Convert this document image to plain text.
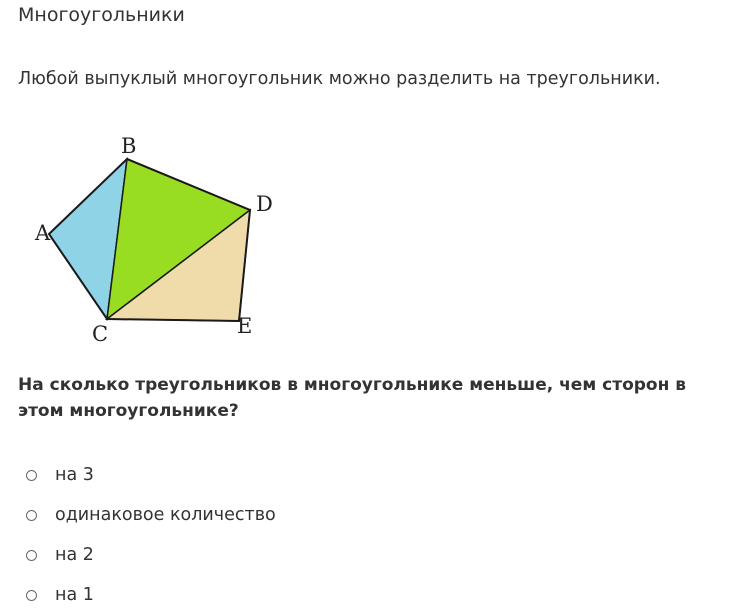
Многоугольники
Любой выпуклый многоугольник можно разделить на треугольники.
B
D
A
C	E
На сколько треугольников в многоугольнике меньше, чем сторон в этом многоугольнике?
на 3
одинаковое количество
на 2
на 1
